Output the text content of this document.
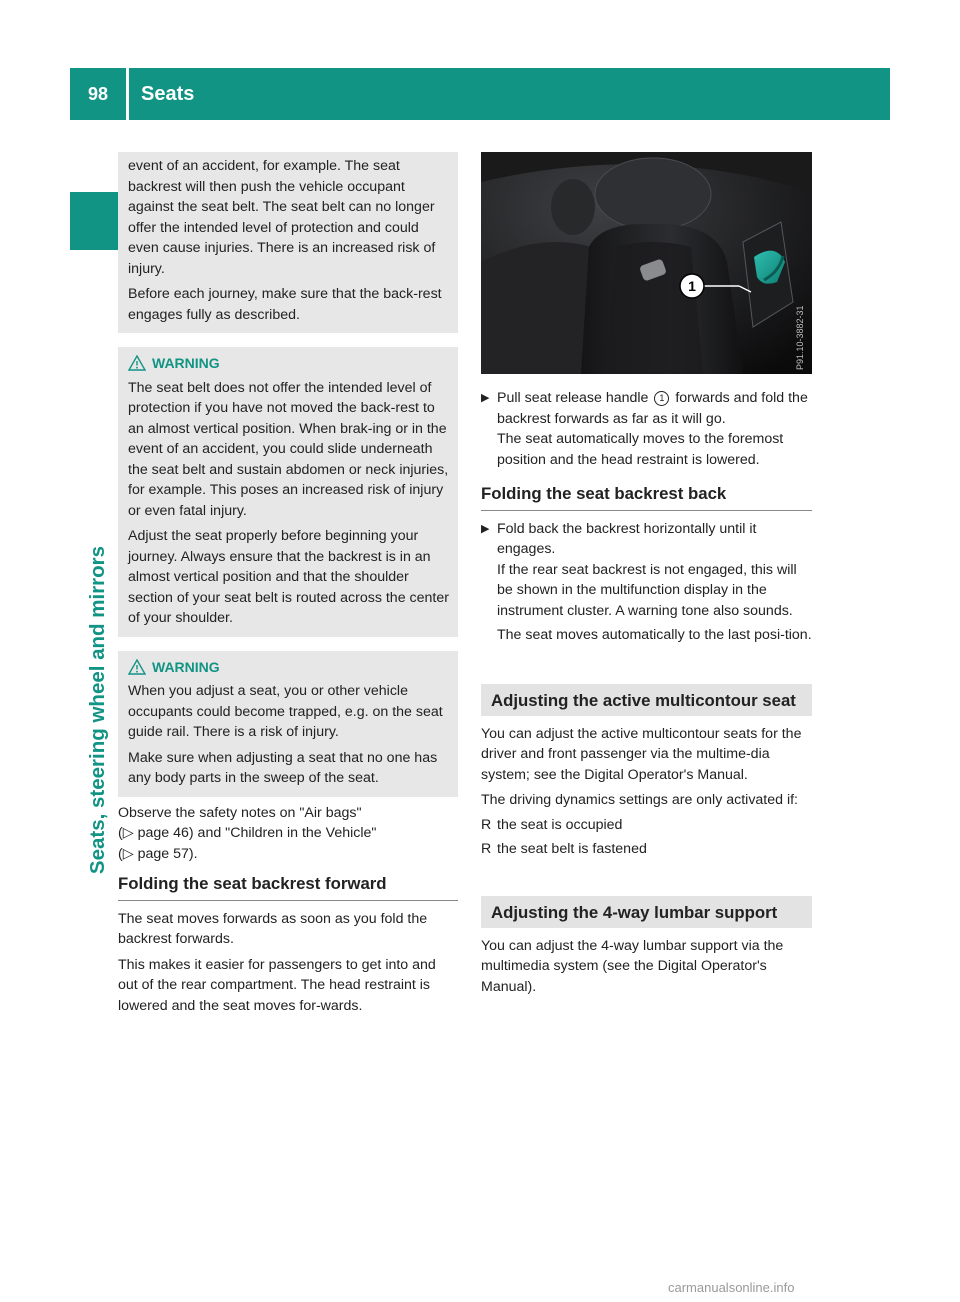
98	Seats
Seats, steering wheel and mirrors

event of an accident, for example. The seat backrest will then push the vehicle occupant against the seat belt. The seat belt can no longer offer the intended level of protection and could even cause injuries. There is an increased risk of injury.

Before each journey, make sure that the back-rest engages fully as described.

WARNING

The seat belt does not offer the intended level of protection if you have not moved the back-rest to an almost vertical position. When brak-ing or in the event of an accident, you could slide underneath the seat belt and sustain abdomen or neck injuries, for example. This poses an increased risk of injury or even fatal injury.

Adjust the seat properly before beginning your journey. Always ensure that the backrest is in an almost vertical position and that the shoulder section of your seat belt is routed across the center of your shoulder.

WARNING

When you adjust a seat, you or other vehicle occupants could become trapped, e.g. on the seat guide rail. There is a risk of injury.

Make sure when adjusting a seat that no one has any body parts in the sweep of the seat.

Observe the safety notes on "Air bags"
(▷ page 46) and "Children in the Vehicle"
(▷ page 57).
Folding the seat backrest forward

The seat moves forwards as soon as you fold the backrest forwards.

This makes it easier for passengers to get into and out of the rear compartment. The head restraint is lowered and the seat moves for-wards.

1
P91.10-3882-31
▶ Pull seat release handle 1 forwards and fold the backrest forwards as far as it will go.

The seat automatically moves to the foremost position and the head restraint is lowered.

Folding the seat backrest back
▶ Fold back the backrest horizontally until it engages.

If the rear seat backrest is not engaged, this will be shown in the multifunction display in the instrument cluster. A warning tone also sounds.

The seat moves automatically to the last posi-tion.

Adjusting the active multicontour seat

You can adjust the active multicontour seats for the driver and front passenger via the multime-dia system; see the Digital Operator's Manual.

The driving dynamics settings are only activated if:

R the seat is occupied
R the seat belt is fastened
Adjusting the 4-way lumbar support

You can adjust the 4-way lumbar support via the multimedia system (see the Digital Operator's Manual).

carmanualsonline.info
